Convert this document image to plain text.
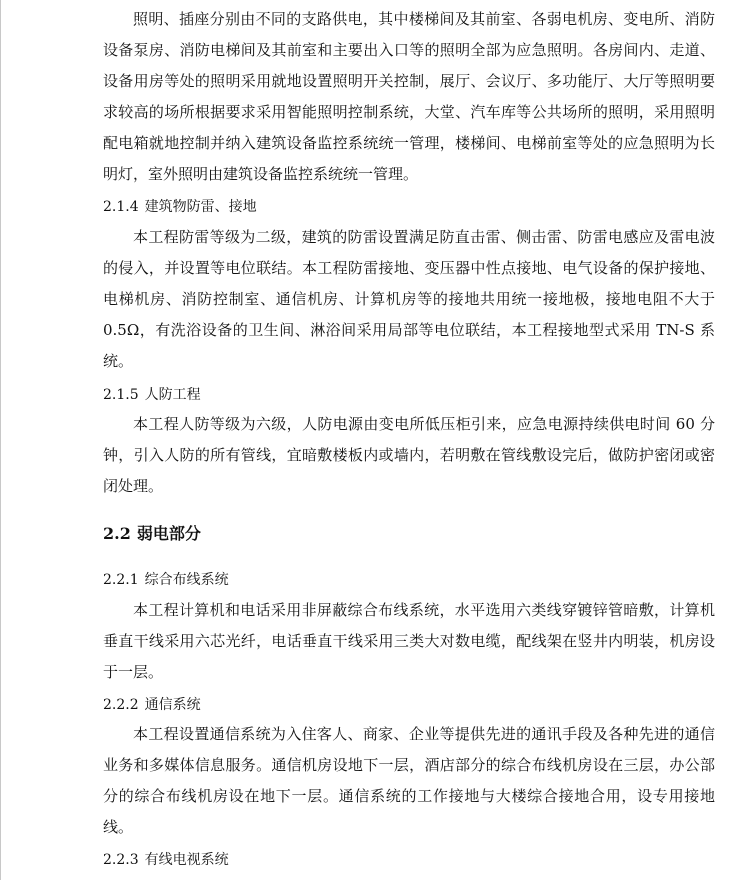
照明、插座分别由不同的支路供电，其中楼梯间及其前室、各弱电机房、变电所、消防设备泵房、消防电梯间及其前室和主要出入口等的照明全部为应急照明。各房间内、走道、设备用房等处的照明采用就地设置照明开关控制，展厅、会议厅、多功能厅、大厅等照明要求较高的场所根据要求采用智能照明控制系统，大堂、汽车库等公共场所的照明，采用照明配电箱就地控制并纳入建筑设备监控系统统一管理，楼梯间、电梯前室等处的应急照明为长明灯，室外照明由建筑设备监控系统统一管理。

2.1.4 建筑物防雷、接地

本工程防雷等级为二级，建筑的防雷设置满足防直击雷、侧击雷、防雷电感应及雷电波的侵入，并设置等电位联结。本工程防雷接地、变压器中性点接地、电气设备的保护接地、电梯机房、消防控制室、通信机房、计算机房等的接地共用统一接地极，接地电阻不大于 0.5Ω，有洗浴设备的卫生间、淋浴间采用局部等电位联结，本工程接地型式采用 TN-S 系统。

2.1.5 人防工程

本工程人防等级为六级，人防电源由变电所低压柜引来，应急电源持续供电时间 60 分钟，引入人防的所有管线，宜暗敷楼板内或墙内，若明敷在管线敷设完后，做防护密闭或密闭处理。

2.2 弱电部分
2.2.1 综合布线系统

本工程计算机和电话采用非屏蔽综合布线系统，水平选用六类线穿镀锌管暗敷，计算机垂直干线采用六芯光纤，电话垂直干线采用三类大对数电缆，配线架在竖井内明装，机房设于一层。

2.2.2 通信系统

本工程设置通信系统为入住客人、商家、企业等提供先进的通讯手段及各种先进的通信业务和多媒体信息服务。通信机房设地下一层，酒店部分的综合布线机房设在三层，办公部分的综合布线机房设在地下一层。通信系统的工作接地与大楼综合接地合用，设专用接地线。

2.2.3 有线电视系统
